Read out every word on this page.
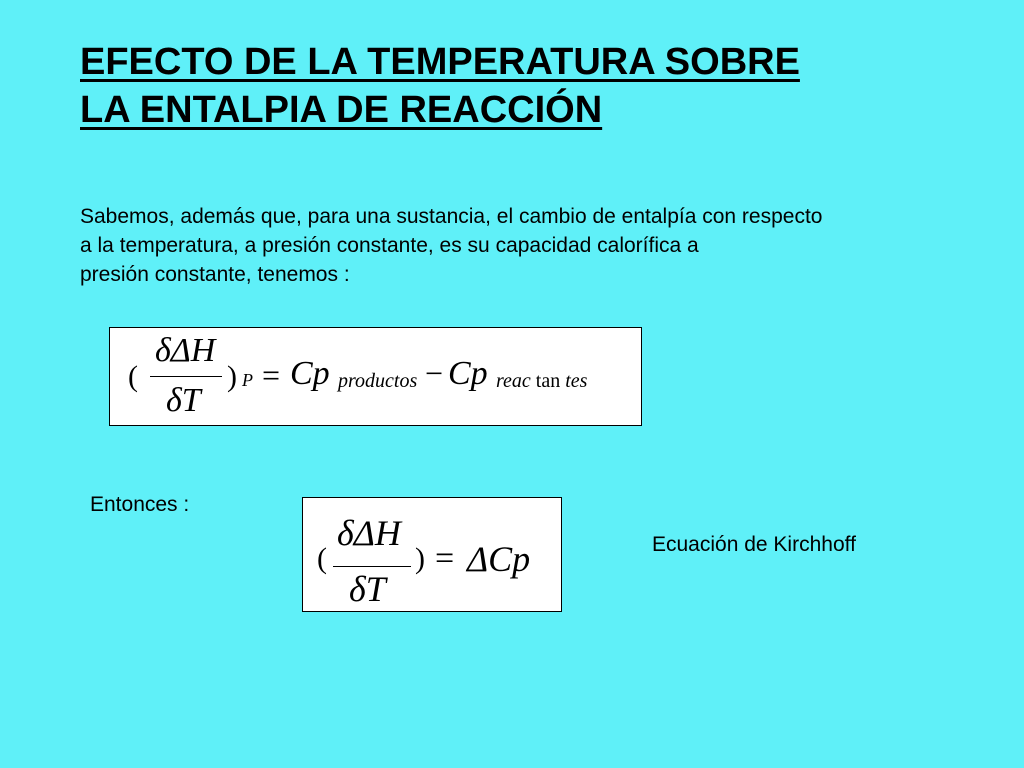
EFECTO DE LA TEMPERATURA SOBRE
LA ENTALPIA DE REACCIÓN
Sabemos, además que, para una sustancia, el cambio de entalpía con respecto
a la temperatura, a presión constante, es su capacidad calorífica a
presión constante, tenemos :
(
δΔH
δT
) P = Cp productos − Cp reac tan tes
Entonces :
(
δΔH
δT
) = ΔCp	Ecuación de Kirchhoff
